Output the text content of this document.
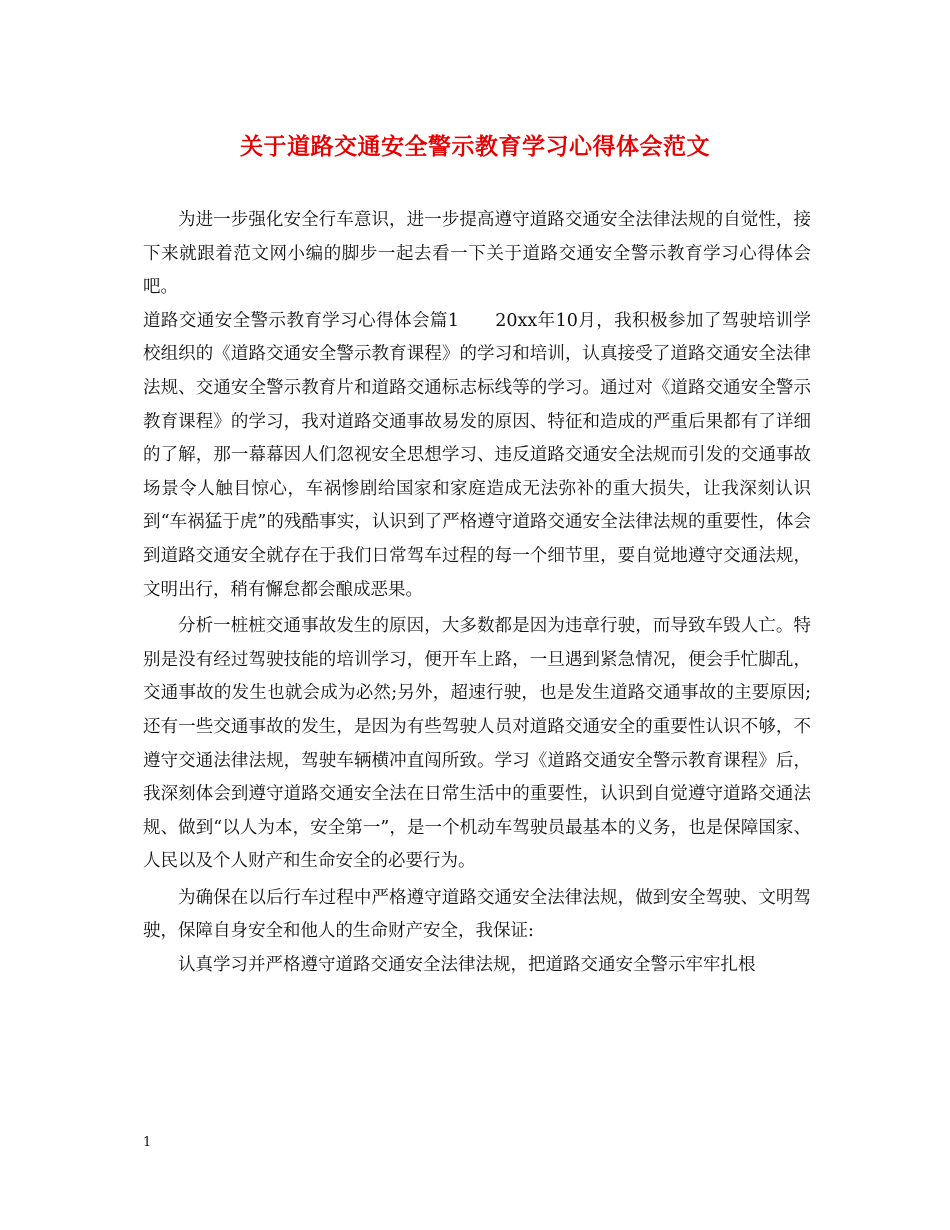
关于道路交通安全警示教育学习心得体会范文

为进一步强化安全行车意识，进一步提高遵守道路交通安全法律法规的自觉性，接下来就跟着范文网小编的脚步一起去看一下关于道路交通安全警示教育学习心得体会吧。

道路交通安全警示教育学习心得体会篇1　　20xx年10月，我积极参加了驾驶培训学校组织的《道路交通安全警示教育课程》的学习和培训，认真接受了道路交通安全法律法规、交通安全警示教育片和道路交通标志标线等的学习。通过对《道路交通安全警示教育课程》的学习，我对道路交通事故易发的原因、特征和造成的严重后果都有了详细的了解，那一幕幕因人们忽视安全思想学习、违反道路交通安全法规而引发的交通事故场景令人触目惊心，车祸惨剧给国家和家庭造成无法弥补的重大损失，让我深刻认识到“车祸猛于虎”的残酷事实，认识到了严格遵守道路交通安全法律法规的重要性，体会到道路交通安全就存在于我们日常驾车过程的每一个细节里，要自觉地遵守交通法规，文明出行，稍有懈怠都会酿成恶果。

分析一桩桩交通事故发生的原因，大多数都是因为违章行驶，而导致车毁人亡。特别是没有经过驾驶技能的培训学习，便开车上路，一旦遇到紧急情况，便会手忙脚乱，交通事故的发生也就会成为必然;另外，超速行驶，也是发生道路交通事故的主要原因;还有一些交通事故的发生，是因为有些驾驶人员对道路交通安全的重要性认识不够，不遵守交通法律法规，驾驶车辆横冲直闯所致。学习《道路交通安全警示教育课程》后，我深刻体会到遵守道路交通安全法在日常生活中的重要性，认识到自觉遵守道路交通法规、做到“以人为本，安全第一”，是一个机动车驾驶员最基本的义务，也是保障国家、人民以及个人财产和生命安全的必要行为。

为确保在以后行车过程中严格遵守道路交通安全法律法规，做到安全驾驶、文明驾驶，保障自身安全和他人的生命财产安全，我保证:

认真学习并严格遵守道路交通安全法律法规，把道路交通安全警示牢牢扎根

1
